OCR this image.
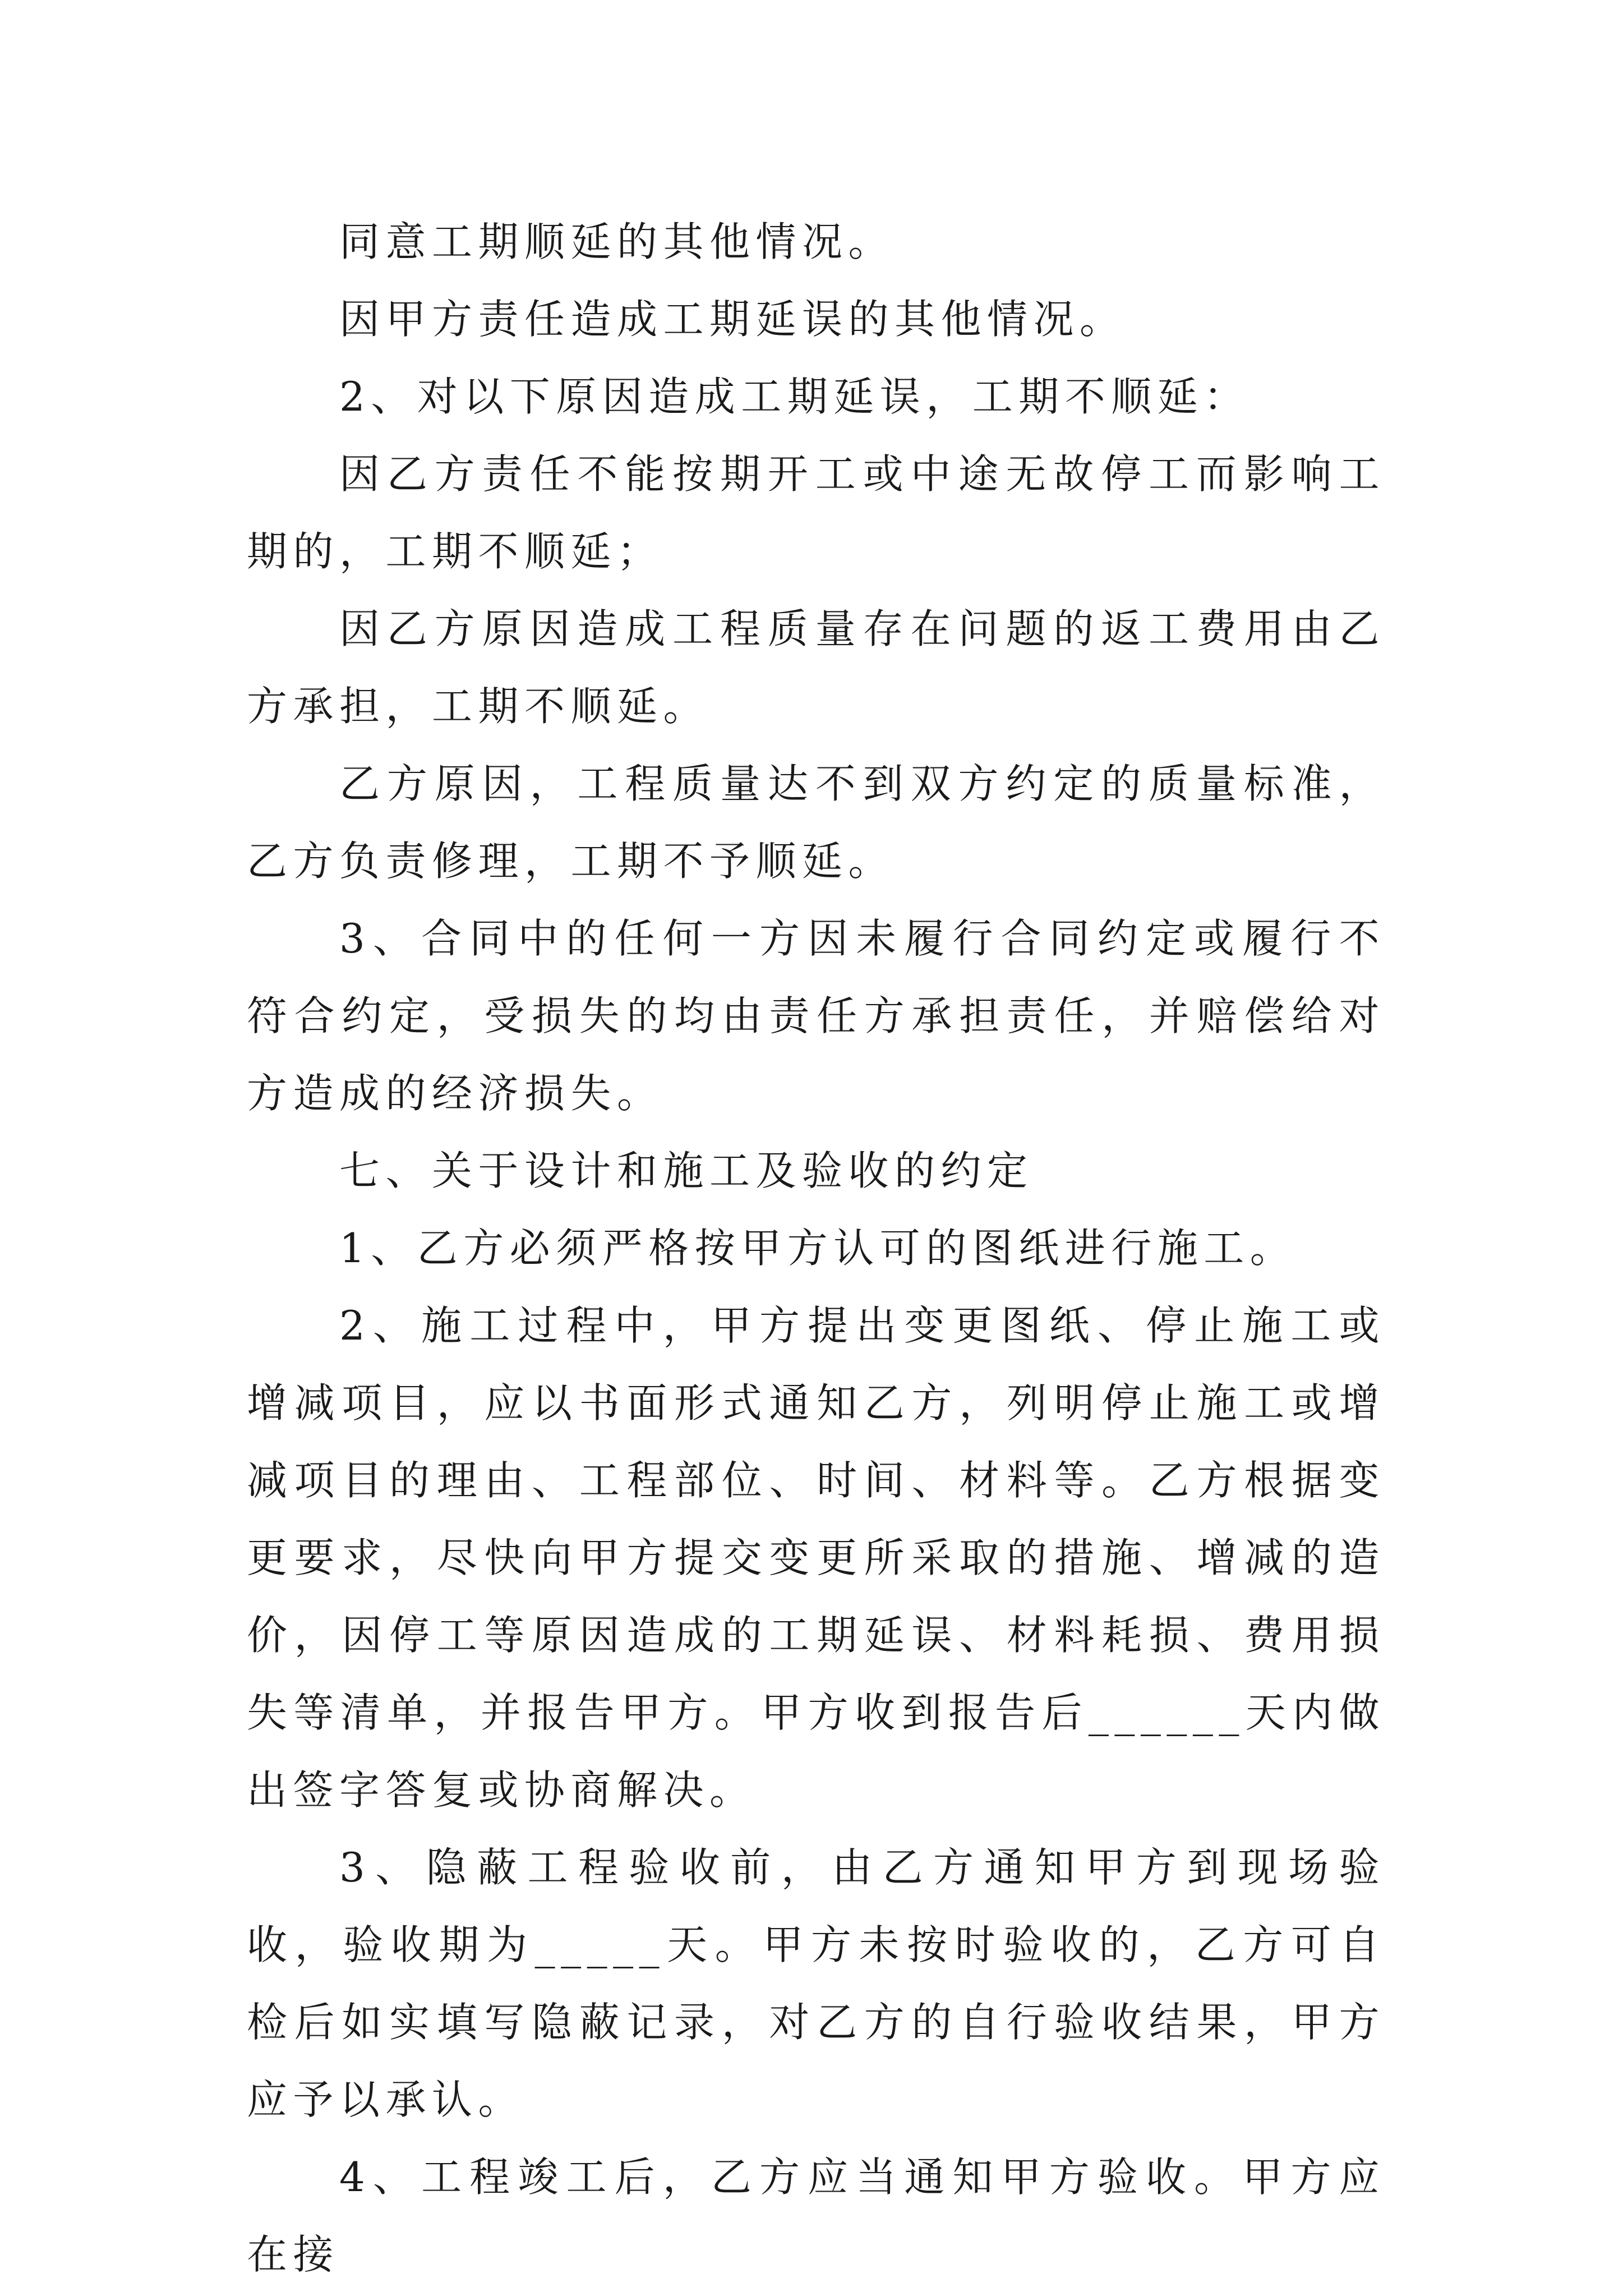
同意工期顺延的其他情况。

因甲方责任造成工期延误的其他情况。

2、对以下原因造成工期延误，工期不顺延：

因乙方责任不能按期开工或中途无故停工而影响工期的，工期不顺延；

因乙方原因造成工程质量存在问题的返工费用由乙方承担，工期不顺延。

乙方原因，工程质量达不到双方约定的质量标准，乙方负责修理，工期不予顺延。

3、合同中的任何一方因未履行合同约定或履行不符合约定，受损失的均由责任方承担责任，并赔偿给对方造成的经济损失。

七、关于设计和施工及验收的约定

1、乙方必须严格按甲方认可的图纸进行施工。

2、施工过程中，甲方提出变更图纸、停止施工或增减项目，应以书面形式通知乙方，列明停止施工或增减项目的理由、工程部位、时间、材料等。乙方根据变更要求，尽快向甲方提交变更所采取的措施、增减的造价，因停工等原因造成的工期延误、材料耗损、费用损失等清单，并报告甲方。甲方收到报告后______天内做出签字答复或协商解决。

3、隐蔽工程验收前，由乙方通知甲方到现场验收，验收期为_____天。甲方未按时验收的，乙方可自检后如实填写隐蔽记录，对乙方的自行验收结果，甲方应予以承认。

4、工程竣工后，乙方应当通知甲方验收。甲方应在接
